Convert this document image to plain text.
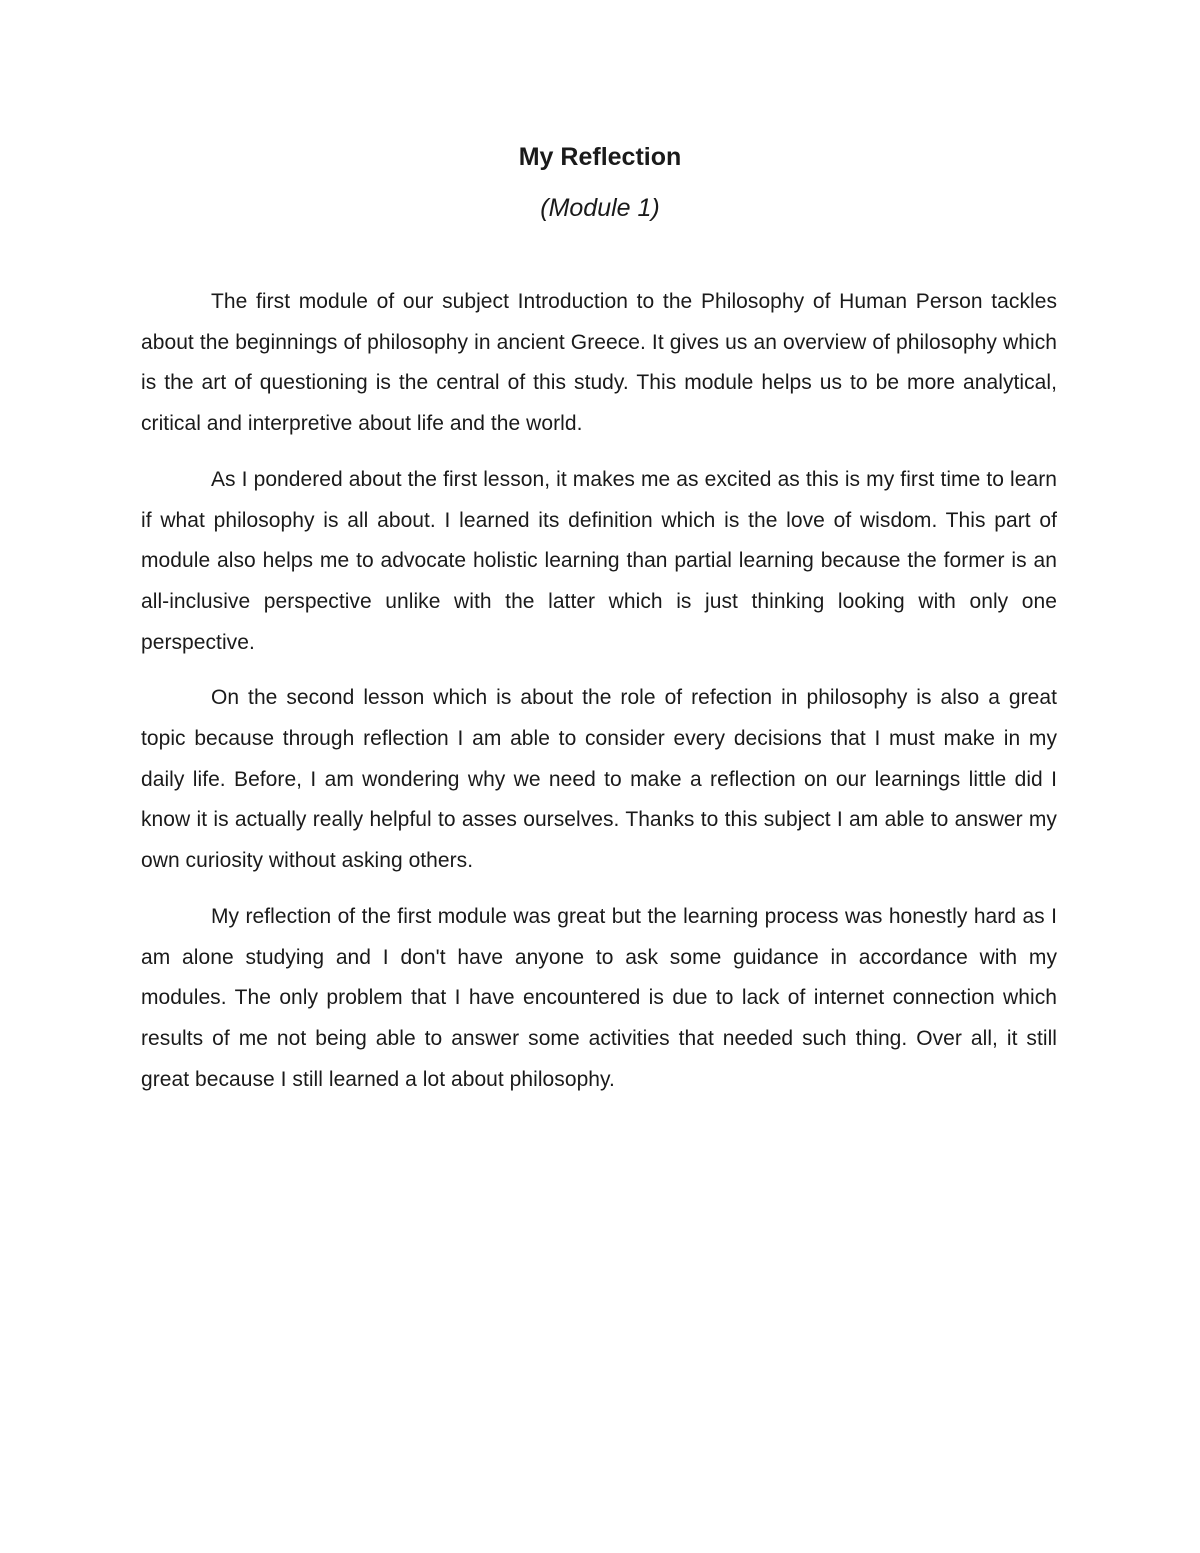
My Reflection
(Module 1)

The first module of our subject Introduction to the Philosophy of Human Person tackles about the beginnings of philosophy in ancient Greece. It gives us an overview of philosophy which is the art of questioning is the central of this study. This module helps us to be more analytical, critical and interpretive about life and the world.

As I pondered about the first lesson, it makes me as excited as this is my first time to learn if what philosophy is all about. I learned its definition which is the love of wisdom. This part of module also helps me to advocate holistic learning than partial learning because the former is an all-inclusive perspective unlike with the latter which is just thinking looking with only one perspective.

On the second lesson which is about the role of refection in philosophy is also a great topic because through reflection I am able to consider every decisions that I must make in my daily life. Before, I am wondering why we need to make a reflection on our learnings little did I know it is actually really helpful to asses ourselves. Thanks to this subject I am able to answer my own curiosity without asking others.

My reflection of the first module was great but the learning process was honestly hard as I am alone studying and I don't have anyone to ask some guidance in accordance with my modules. The only problem that I have encountered is due to lack of internet connection which results of me not being able to answer some activities that needed such thing. Over all, it still great because I still learned a lot about philosophy.
